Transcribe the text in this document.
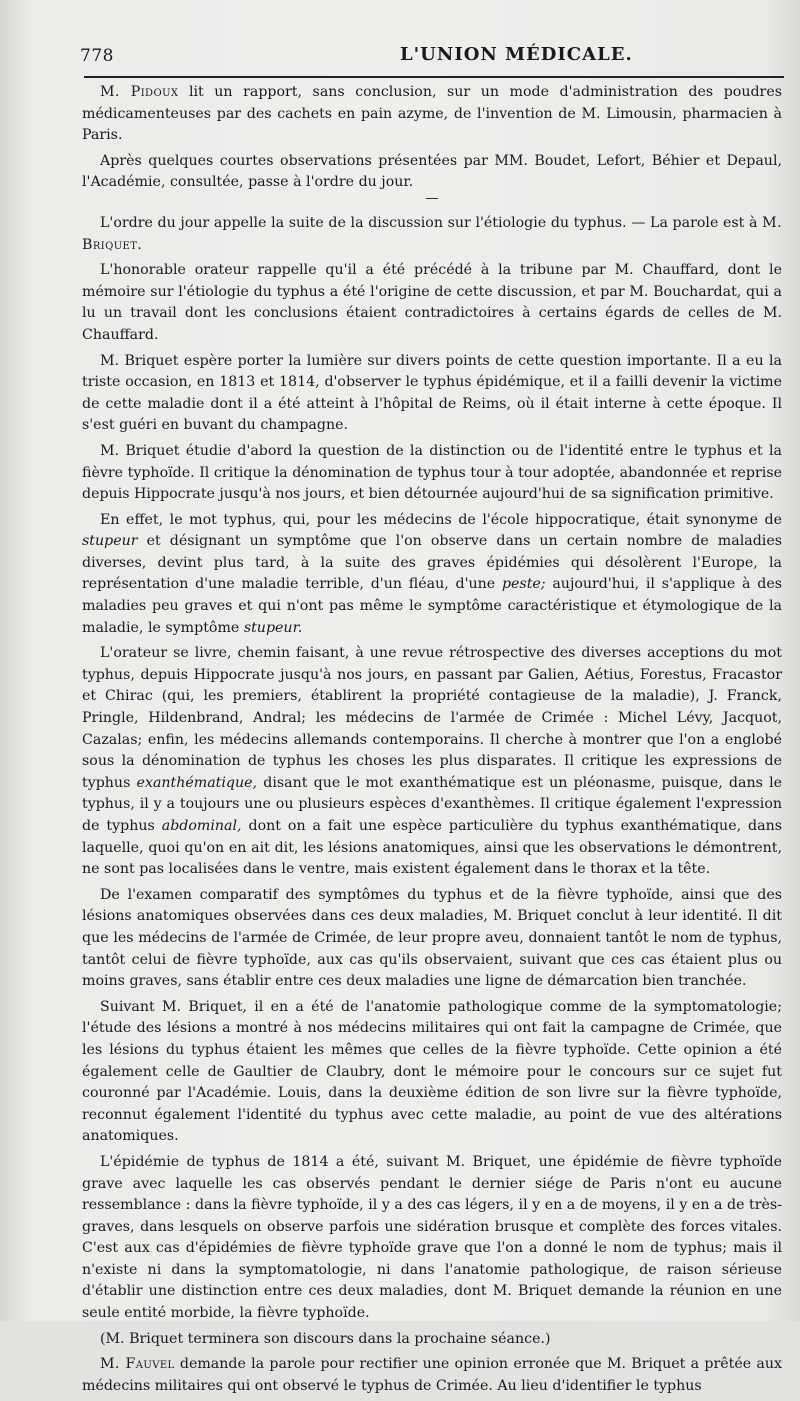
778	L'UNION MÉDICALE.

M. Pidoux lit un rapport, sans conclusion, sur un mode d'administration des poudres médicamenteuses par des cachets en pain azyme, de l'invention de M. Limousin, pharmacien à Paris.

Après quelques courtes observations présentées par MM. Boudet, Lefort, Béhier et Depaul, l'Académie, consultée, passe à l'ordre du jour.

L'ordre du jour appelle la suite de la discussion sur l'étiologie du typhus. — La parole est à M. Briquet.

L'honorable orateur rappelle qu'il a été précédé à la tribune par M. Chauffard, dont le mémoire sur l'étiologie du typhus a été l'origine de cette discussion, et par M. Bouchardat, qui a lu un travail dont les conclusions étaient contradictoires à certains égards de celles de M. Chauffard.

M. Briquet espère porter la lumière sur divers points de cette question importante. Il a eu la triste occasion, en 1813 et 1814, d'observer le typhus épidémique, et il a failli devenir la victime de cette maladie dont il a été atteint à l'hôpital de Reims, où il était interne à cette époque. Il s'est guéri en buvant du champagne.

M. Briquet étudie d'abord la question de la distinction ou de l'identité entre le typhus et la fièvre typhoïde. Il critique la dénomination de typhus tour à tour adoptée, abandonnée et reprise depuis Hippocrate jusqu'à nos jours, et bien détournée aujourd'hui de sa signification primitive.

En effet, le mot typhus, qui, pour les médecins de l'école hippocratique, était synonyme de stupeur et désignant un symptôme que l'on observe dans un certain nombre de maladies diverses, devint plus tard, à la suite des graves épidémies qui désolèrent l'Europe, la représentation d'une maladie terrible, d'un fléau, d'une peste; aujourd'hui, il s'applique à des maladies peu graves et qui n'ont pas même le symptôme caractéristique et étymologique de la maladie, le symptôme stupeur.

L'orateur se livre, chemin faisant, à une revue rétrospective des diverses acceptions du mot typhus, depuis Hippocrate jusqu'à nos jours, en passant par Galien, Aétius, Forestus, Fracastor et Chirac (qui, les premiers, établirent la propriété contagieuse de la maladie), J. Franck, Pringle, Hildenbrand, Andral; les médecins de l'armée de Crimée : Michel Lévy, Jacquot, Cazalas; enfin, les médecins allemands contemporains. Il cherche à montrer que l'on a englobé sous la dénomination de typhus les choses les plus disparates. Il critique les expressions de typhus exanthématique, disant que le mot exanthématique est un pléonasme, puisque, dans le typhus, il y a toujours une ou plusieurs espèces d'exanthèmes. Il critique également l'expression de typhus abdominal, dont on a fait une espèce particulière du typhus exanthématique, dans laquelle, quoi qu'on en ait dit, les lésions anatomiques, ainsi que les observations le démontrent, ne sont pas localisées dans le ventre, mais existent également dans le thorax et la tête.

De l'examen comparatif des symptômes du typhus et de la fièvre typhoïde, ainsi que des lésions anatomiques observées dans ces deux maladies, M. Briquet conclut à leur identité. Il dit que les médecins de l'armée de Crimée, de leur propre aveu, donnaient tantôt le nom de typhus, tantôt celui de fièvre typhoïde, aux cas qu'ils observaient, suivant que ces cas étaient plus ou moins graves, sans établir entre ces deux maladies une ligne de démarcation bien tranchée.

Suivant M. Briquet, il en a été de l'anatomie pathologique comme de la symptomatologie; l'étude des lésions a montré à nos médecins militaires qui ont fait la campagne de Crimée, que les lésions du typhus étaient les mêmes que celles de la fièvre typhoïde. Cette opinion a été également celle de Gaultier de Claubry, dont le mémoire pour le concours sur ce sujet fut couronné par l'Académie. Louis, dans la deuxième édition de son livre sur la fièvre typhoïde, reconnut également l'identité du typhus avec cette maladie, au point de vue des altérations anatomiques.

L'épidémie de typhus de 1814 a été, suivant M. Briquet, une épidémie de fièvre typhoïde grave avec laquelle les cas observés pendant le dernier siége de Paris n'ont eu aucune ressemblance : dans la fièvre typhoïde, il y a des cas légers, il y en a de moyens, il y en a de très-graves, dans lesquels on observe parfois une sidération brusque et complète des forces vitales. C'est aux cas d'épidémies de fièvre typhoïde grave que l'on a donné le nom de typhus; mais il n'existe ni dans la symptomatologie, ni dans l'anatomie pathologique, de raison sérieuse d'établir une distinction entre ces deux maladies, dont M. Briquet demande la réunion en une seule entité morbide, la fièvre typhoïde.

(M. Briquet terminera son discours dans la prochaine séance.)

M. Fauvel demande la parole pour rectifier une opinion erronée que M. Briquet a prêtée aux médecins militaires qui ont observé le typhus de Crimée. Au lieu d'identifier le typhus
